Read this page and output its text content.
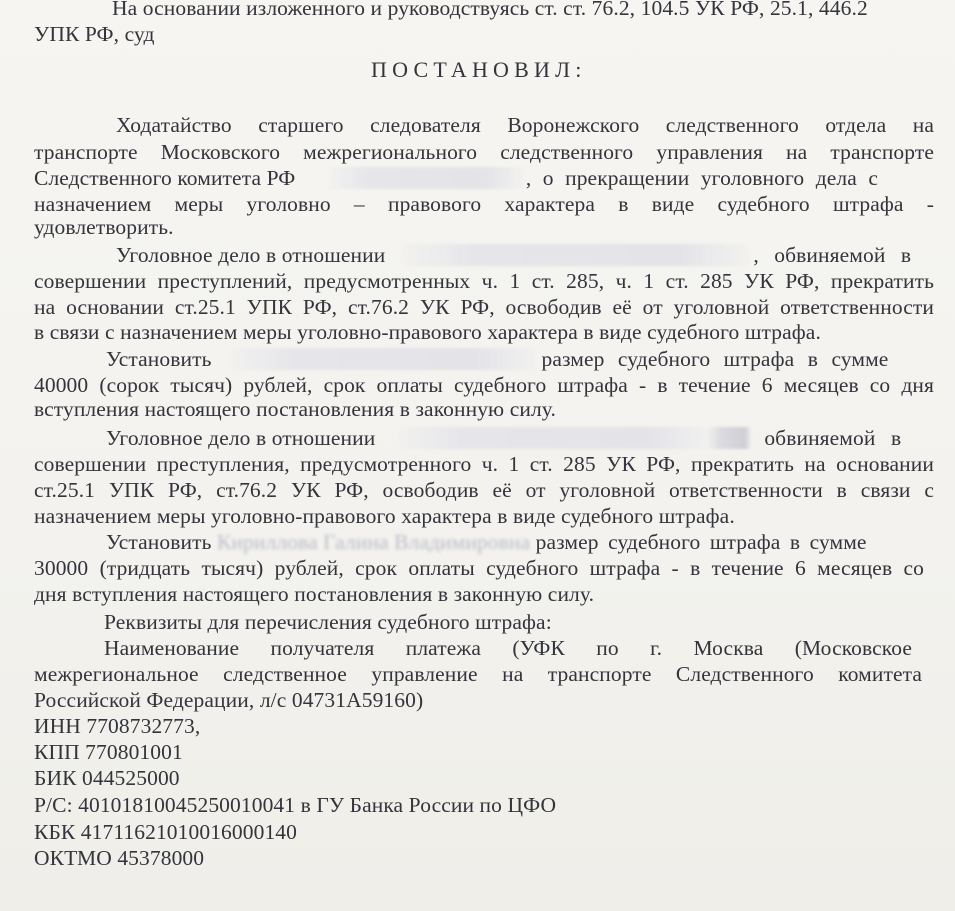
На основании изложенного и руководствуясь ст. ст. 76.2, 104.5 УК РФ, 25.1, 446.2
УПК РФ, суд
ПОСТАНОВИЛ:
Ходатайство старшего следователя Воронежского следственного отдела на
транспорте Московского межрегионального следственного управления на транспорте
Следственного комитета РФ	, о прекращении уголовного дела с
назначением меры уголовно – правового характера в виде судебного штрафа -
удовлетворить.
Уголовное дело в отношении	, обвиняемой в
совершении преступлений, предусмотренных ч. 1 ст. 285, ч. 1 ст. 285 УК РФ, прекратить
на основании ст.25.1 УПК РФ, ст.76.2 УК РФ, освободив её от уголовной ответственности
в связи с назначением меры уголовно-правового характера в виде судебного штрафа.
Установить	размер судебного штрафа в сумме
40000 (сорок тысяч) рублей, срок оплаты судебного штрафа - в течение 6 месяцев со дня
вступления настоящего постановления в законную силу.
Уголовное дело в отношении	обвиняемой в
совершении преступления, предусмотренного ч. 1 ст. 285 УК РФ, прекратить на основании
ст.25.1 УПК РФ, ст.76.2 УК РФ, освободив её от уголовной ответственности в связи с
назначением меры уголовно-правового характера в виде судебного штрафа.
Установить Кириллова Галина Владимировна размер судебного штрафа в сумме
30000 (тридцать тысяч) рублей, срок оплаты судебного штрафа - в течение 6 месяцев со
дня вступления настоящего постановления в законную силу.
Реквизиты для перечисления судебного штрафа:
Наименование получателя платежа (УФК по г. Москва (Московское
межрегиональное следственное управление на транспорте Следственного комитета
Российской Федерации, л/с 04731А59160)
ИНН 7708732773,
КПП 770801001
БИК 044525000
Р/С: 40101810045250010041 в ГУ Банка России по ЦФО
КБК 41711621010016000140
ОКТМО 45378000
